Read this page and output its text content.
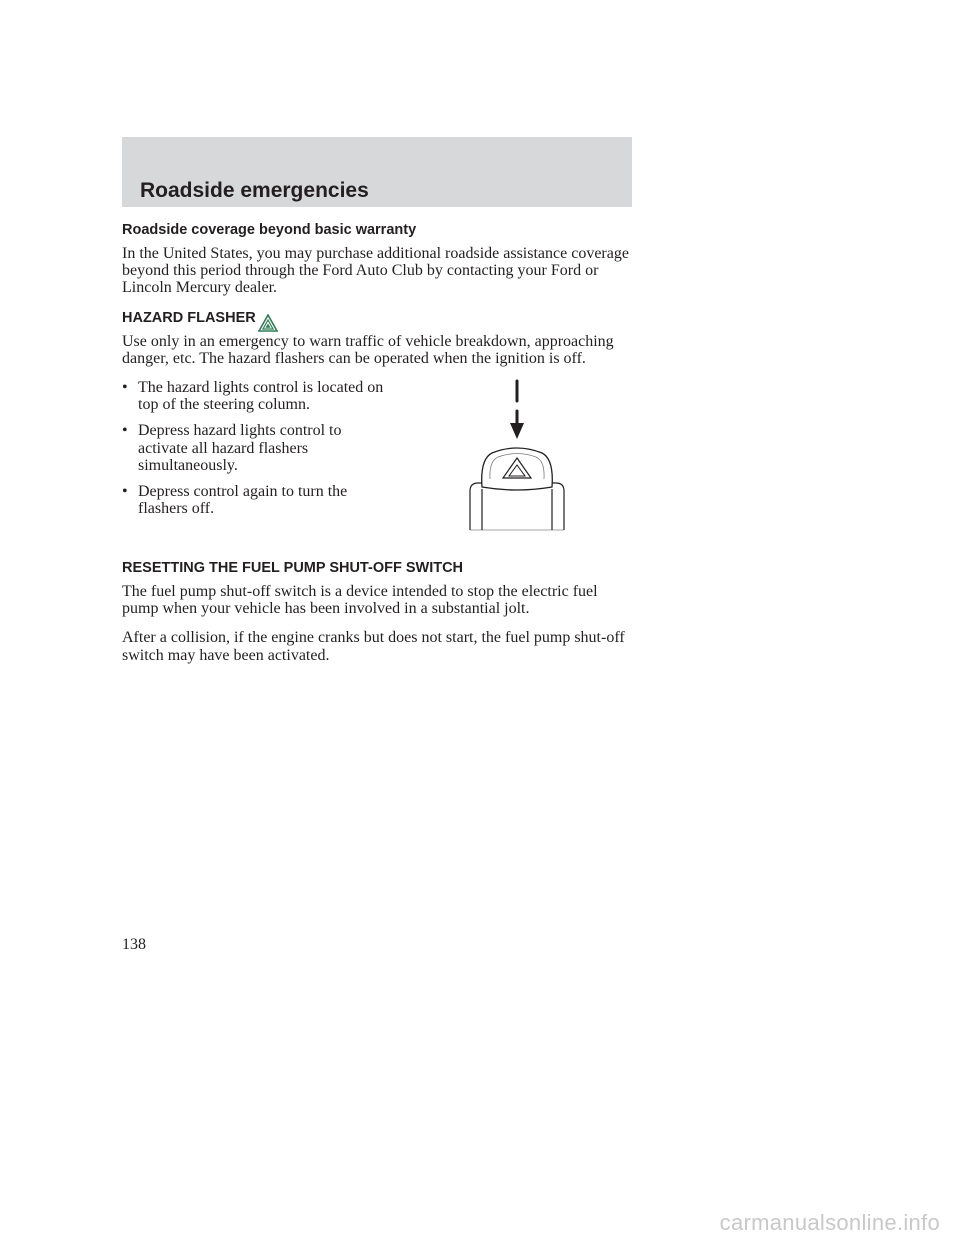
Roadside emergencies
Roadside coverage beyond basic warranty

In the United States, you may purchase additional roadside assistance coverage beyond this period through the Ford Auto Club by contacting your Ford or Lincoln Mercury dealer.

HAZARD FLASHER

Use only in an emergency to warn traffic of vehicle breakdown, approaching danger, etc. The hazard flashers can be operated when the ignition is off.

• The hazard lights control is located on top of the steering column.
• Depress hazard lights control to activate all hazard flashers simultaneously.
• Depress control again to turn the flashers off.
RESETTING THE FUEL PUMP SHUT-OFF SWITCH

The fuel pump shut-off switch is a device intended to stop the electric fuel pump when your vehicle has been involved in a substantial jolt.

After a collision, if the engine cranks but does not start, the fuel pump shut-off switch may have been activated.

138
carmanualsonline.info
